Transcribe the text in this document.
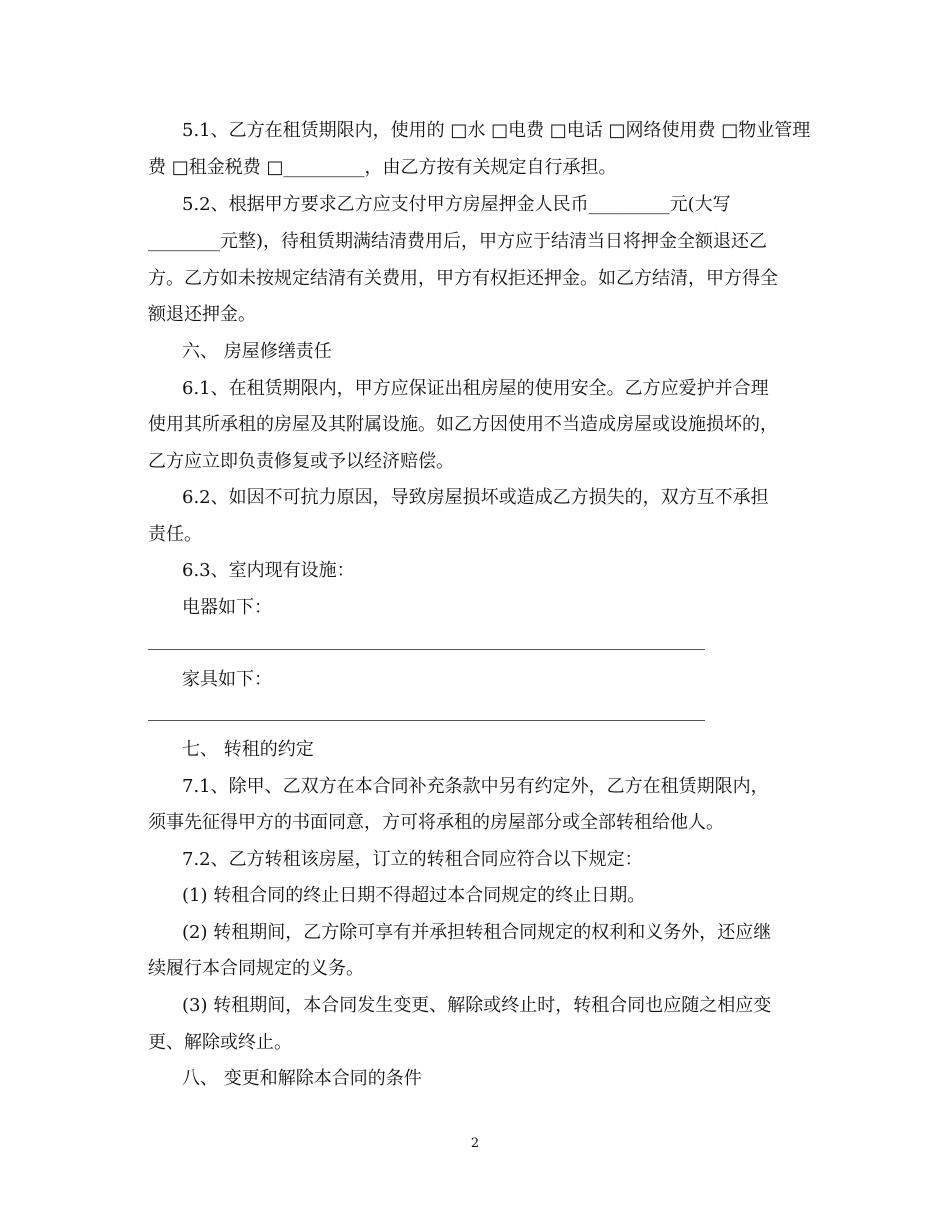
5.1、乙方在租赁期限内，使用的 □水 □电费 □电话 □网络使用费 □物业管理
费 □租金税费 □_________，由乙方按有关规定自行承担。
5.2、根据甲方要求乙方应支付甲方房屋押金人民币_________元(大写
________元整)，待租赁期满结清费用后，甲方应于结清当日将押金全额退还乙
方。乙方如未按规定结清有关费用，甲方有权拒还押金。如乙方结清，甲方得全
额退还押金。
六、 房屋修缮责任
6.1、在租赁期限内，甲方应保证出租房屋的使用安全。乙方应爱护并合理
使用其所承租的房屋及其附属设施。如乙方因使用不当造成房屋或设施损坏的，
乙方应立即负责修复或予以经济赔偿。
6.2、如因不可抗力原因，导致房屋损坏或造成乙方损失的，双方互不承担
责任。
6.3、室内现有设施：
电器如下：
家具如下：
七、 转租的约定
7.1、除甲、乙双方在本合同补充条款中另有约定外，乙方在租赁期限内，
须事先征得甲方的书面同意，方可将承租的房屋部分或全部转租给他人。
7.2、乙方转租该房屋，订立的转租合同应符合以下规定：
(1) 转租合同的终止日期不得超过本合同规定的终止日期。
(2) 转租期间，乙方除可享有并承担转租合同规定的权利和义务外，还应继
续履行本合同规定的义务。
(3) 转租期间，本合同发生变更、解除或终止时，转租合同也应随之相应变
更、解除或终止。
八、 变更和解除本合同的条件
2
